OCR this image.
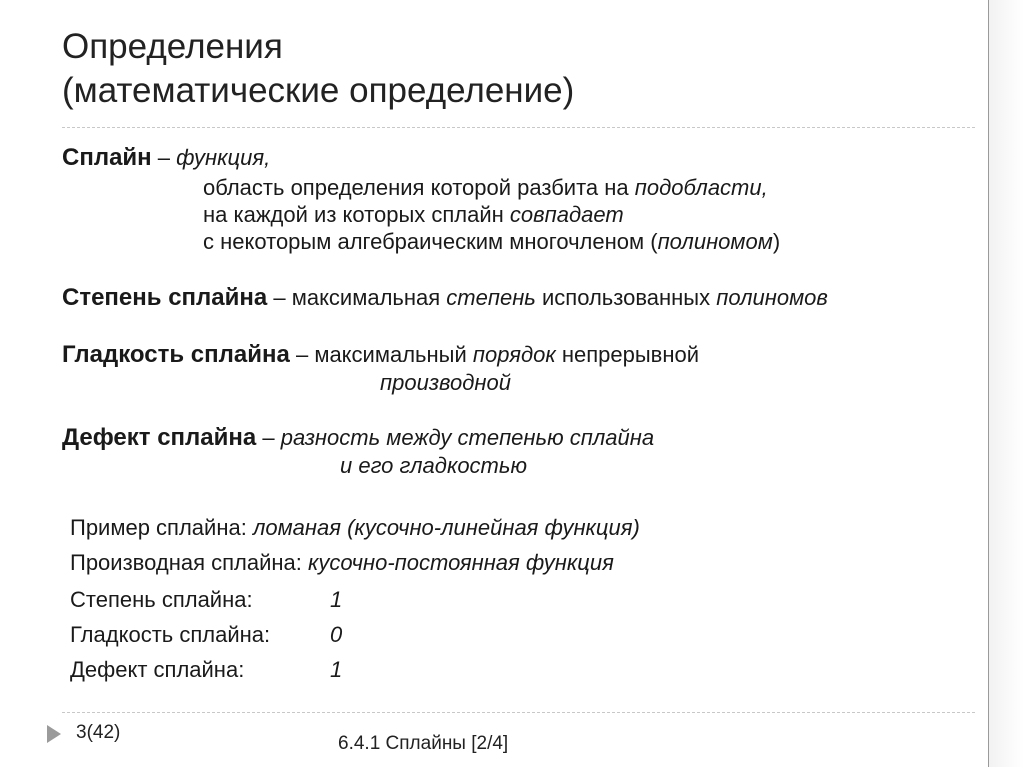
Определения
(математические определение)
Сплайн – функция,
область определения которой разбита на подобласти,
на каждой из которых сплайн совпадает
с некоторым алгебраическим многочленом (полиномом)
Степень сплайна – максимальная степень использованных полиномов
Гладкость сплайна – максимальный порядок непрерывной
производной
Дефект сплайна – разность между степенью сплайна
и его гладкостью
Пример сплайна: ломаная (кусочно-линейная функция)
Производная сплайна: кусочно-постоянная функция
Степень сплайна:	1
Гладкость сплайна:	0
Дефект сплайна:	1
3(42)
6.4.1 Сплайны [2/4]
